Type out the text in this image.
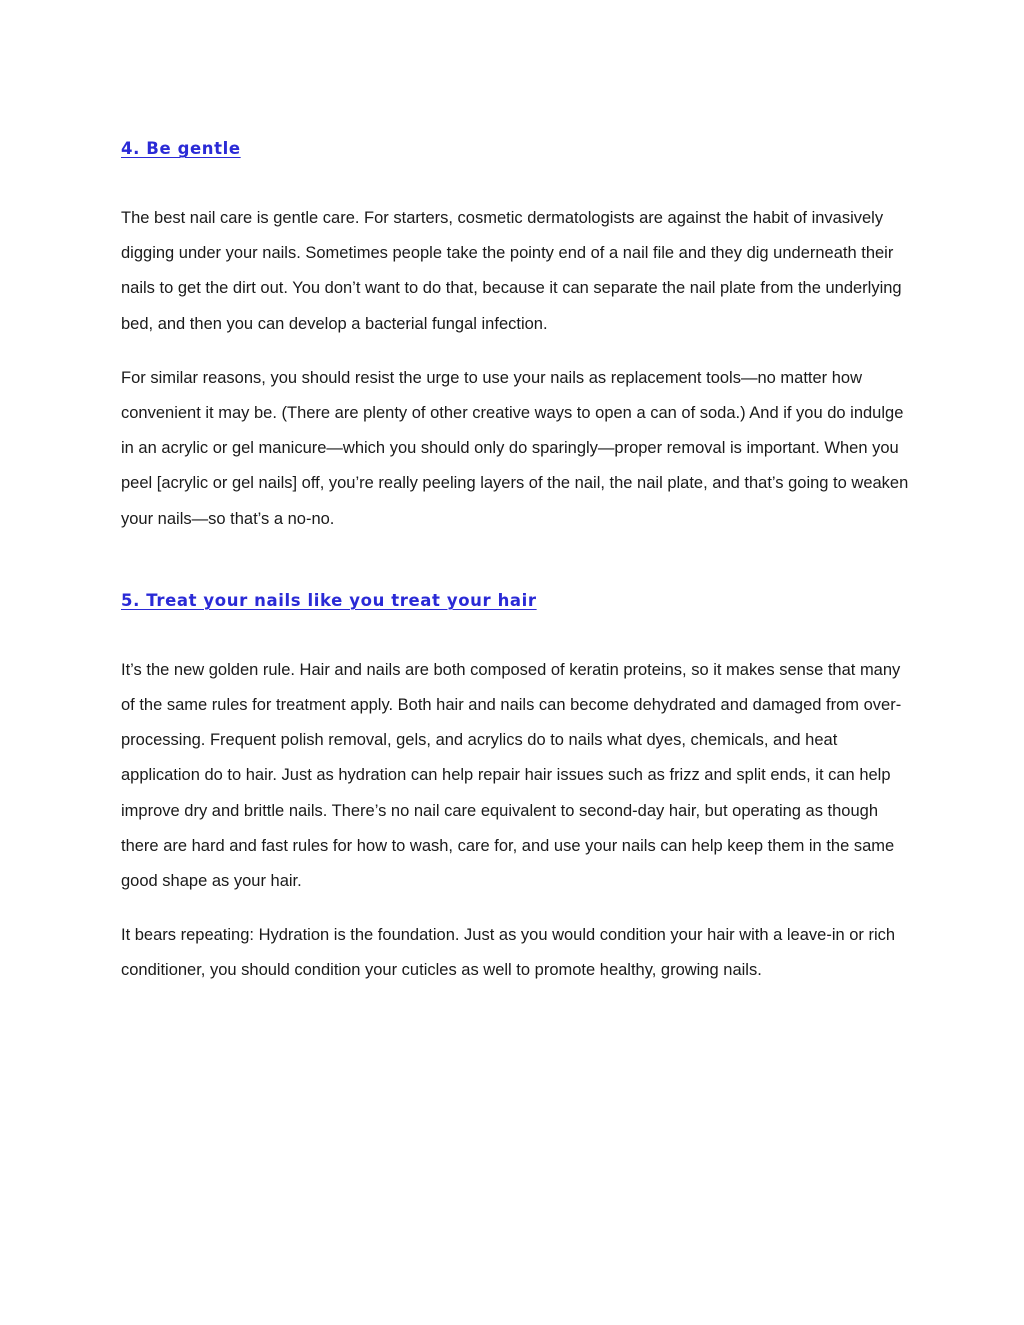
4. Be gentle

The best nail care is gentle care. For starters, cosmetic dermatologists are against the habit of invasively digging under your nails. Sometimes people take the pointy end of a nail file and they dig underneath their nails to get the dirt out. You don’t want to do that, because it can separate the nail plate from the underlying bed, and then you can develop a bacterial fungal infection.

For similar reasons, you should resist the urge to use your nails as replacement tools—no matter how convenient it may be. (There are plenty of other creative ways to open a can of soda.) And if you do indulge in an acrylic or gel manicure—which you should only do sparingly—proper removal is important. When you peel [acrylic or gel nails] off, you’re really peeling layers of the nail, the nail plate, and that’s going to weaken your nails—so that’s a no-no.

5. Treat your nails like you treat your hair

It’s the new golden rule. Hair and nails are both composed of keratin proteins, so it makes sense that many of the same rules for treatment apply. Both hair and nails can become dehydrated and damaged from over-processing. Frequent polish removal, gels, and acrylics do to nails what dyes, chemicals, and heat application do to hair. Just as hydration can help repair hair issues such as frizz and split ends, it can help improve dry and brittle nails. There’s no nail care equivalent to second-day hair, but operating as though there are hard and fast rules for how to wash, care for, and use your nails can help keep them in the same good shape as your hair.

It bears repeating: Hydration is the foundation. Just as you would condition your hair with a leave-in or rich conditioner, you should condition your cuticles as well to promote healthy, growing nails.
